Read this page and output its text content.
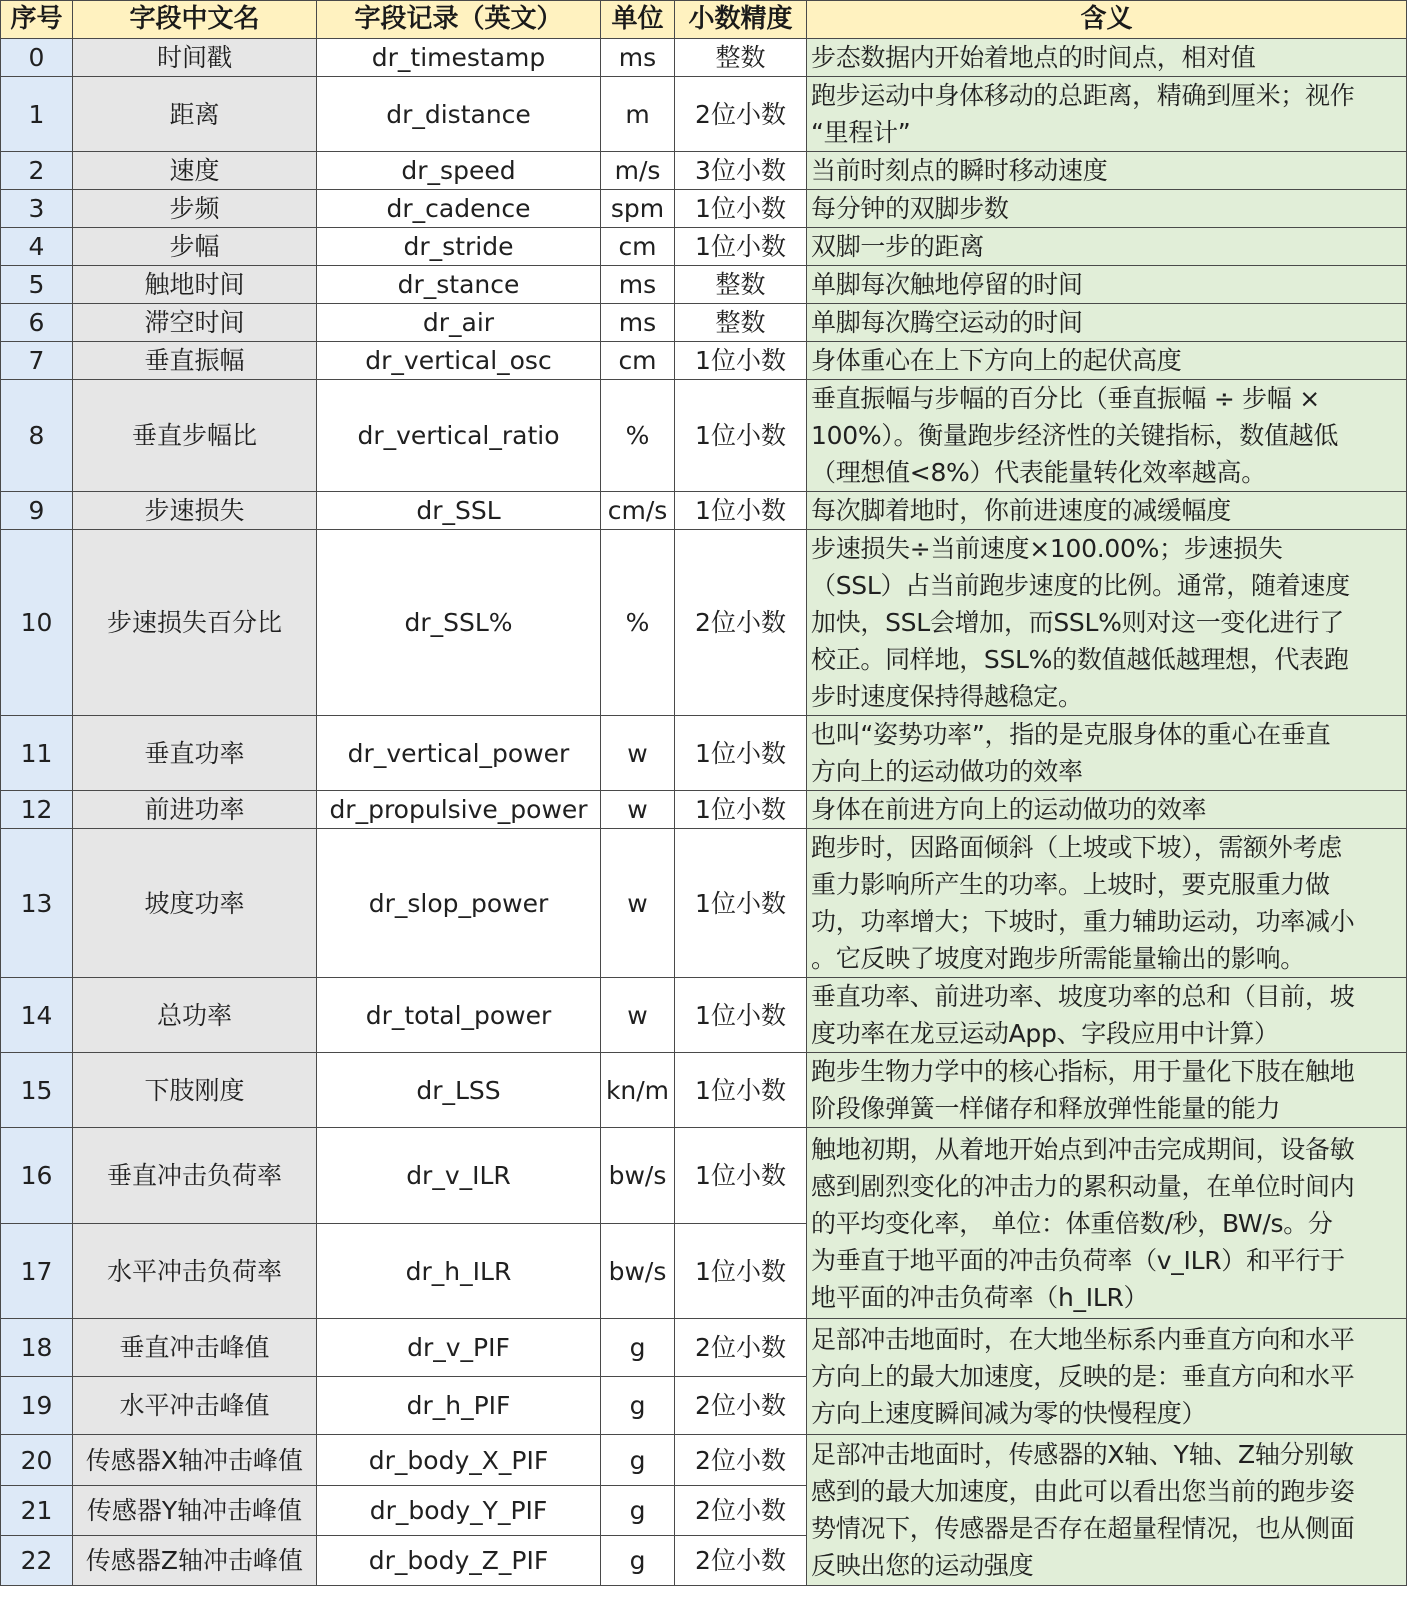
序号	字段中文名	字段记录（英文）	单位	小数精度	含义
0	时间戳	dr_timestamp	ms	整数	步态数据内开始着地点的时间点，相对值
1	距离	dr_distance	m	2位小数	跑步运动中身体移动的总距离，精确到厘米；视作
“里程计”
2	速度	dr_speed	m/s	3位小数	当前时刻点的瞬时移动速度
3	步频	dr_cadence	spm	1位小数	每分钟的双脚步数
4	步幅	dr_stride	cm	1位小数	双脚一步的距离
5	触地时间	dr_stance	ms	整数	单脚每次触地停留的时间
6	滞空时间	dr_air	ms	整数	单脚每次腾空运动的时间
7	垂直振幅	dr_vertical_osc	cm	1位小数	身体重心在上下方向上的起伏高度
8	垂直步幅比	dr_vertical_ratio	%	1位小数	垂直振幅与步幅的百分比（垂直振幅 ÷ 步幅 ×
100%）。衡量跑步经济性的关键指标，数值越低
（理想值<8%）代表能量转化效率越高。
9	步速损失	dr_SSL	cm/s	1位小数	每次脚着地时，你前进速度的减缓幅度
10	步速损失百分比	dr_SSL%	%	2位小数	步速损失÷当前速度×100.00%；步速损失
（SSL）占当前跑步速度的比例。通常，随着速度
加快，SSL会增加，而SSL%则对这一变化进行了
校正。同样地，SSL%的数值越低越理想，代表跑
步时速度保持得越稳定。
11	垂直功率	dr_vertical_power	w	1位小数	也叫“姿势功率”，指的是克服身体的重心在垂直
方向上的运动做功的效率
12	前进功率	dr_propulsive_power	w	1位小数	身体在前进方向上的运动做功的效率
13	坡度功率	dr_slop_power	w	1位小数	跑步时，因路面倾斜（上坡或下坡），需额外考虑
重力影响所产生的功率。上坡时，要克服重力做
功，功率增大；下坡时，重力辅助运动，功率减小
。它反映了坡度对跑步所需能量输出的影响。
14	总功率	dr_total_power	w	1位小数	垂直功率、前进功率、坡度功率的总和（目前，坡
度功率在龙豆运动App、字段应用中计算）
15	下肢刚度	dr_LSS	kn/m	1位小数	跑步生物力学中的核心指标，用于量化下肢在触地
阶段像弹簧一样储存和释放弹性能量的能力
16	垂直冲击负荷率	dr_v_ILR	bw/s	1位小数	触地初期，从着地开始点到冲击完成期间，设备敏
感到剧烈变化的冲击力的累积动量，在单位时间内
的平均变化率， 单位：体重倍数/秒，BW/s。分
为垂直于地平面的冲击负荷率（v_ILR）和平行于
地平面的冲击负荷率（h_ILR）
17	水平冲击负荷率	dr_h_ILR	bw/s	1位小数	
18	垂直冲击峰值	dr_v_PIF	g	2位小数	足部冲击地面时，在大地坐标系内垂直方向和水平
方向上的最大加速度，反映的是：垂直方向和水平
方向上速度瞬间减为零的快慢程度）
19	水平冲击峰值	dr_h_PIF	g	2位小数	
20	传感器X轴冲击峰值	dr_body_X_PIF	g	2位小数	足部冲击地面时，传感器的X轴、Y轴、Z轴分别敏
感到的最大加速度，由此可以看出您当前的跑步姿
势情况下，传感器是否存在超量程情况，也从侧面
反映出您的运动强度
21	传感器Y轴冲击峰值	dr_body_Y_PIF	g	2位小数	
22	传感器Z轴冲击峰值	dr_body_Z_PIF	g	2位小数	
